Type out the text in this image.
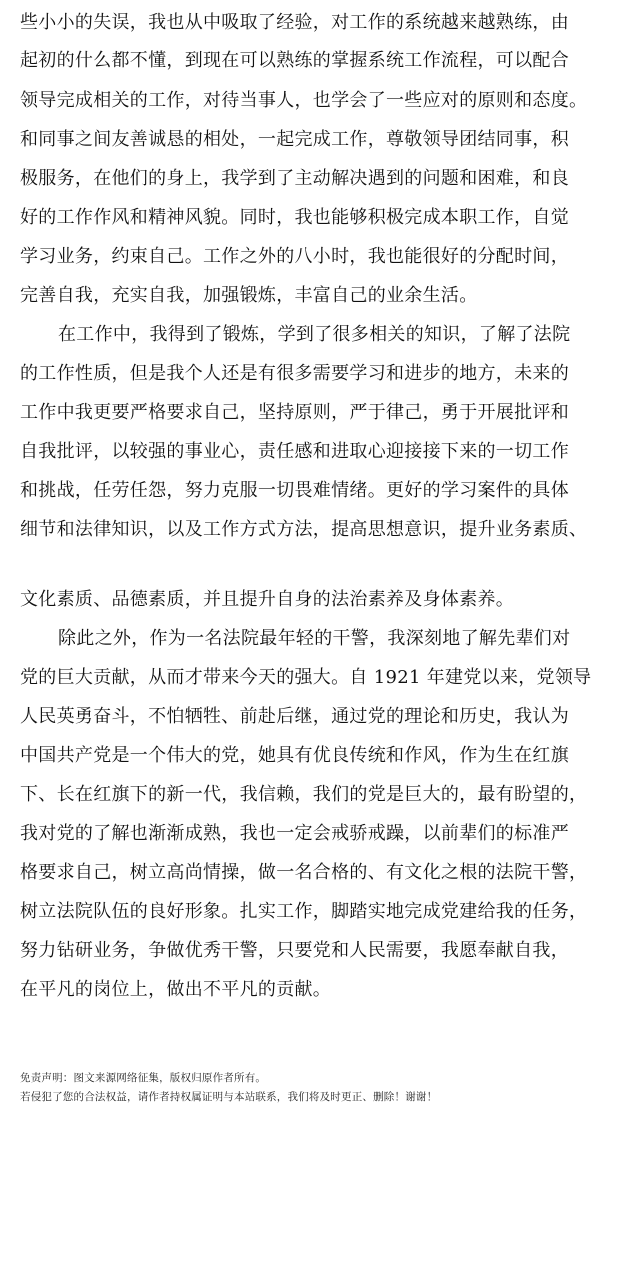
些小小的失误，我也从中吸取了经验，对工作的系统越来越熟练，由
起初的什么都不懂，到现在可以熟练的掌握系统工作流程，可以配合
领导完成相关的工作，对待当事人，也学会了一些应对的原则和态度。
和同事之间友善诚恳的相处，一起完成工作，尊敬领导团结同事，积
极服务，在他们的身上，我学到了主动解决遇到的问题和困难，和良
好的工作作风和精神风貌。同时，我也能够积极完成本职工作，自觉
学习业务，约束自己。工作之外的八小时，我也能很好的分配时间，
完善自我，充实自我，加强锻炼，丰富自己的业余生活。
在工作中，我得到了锻炼，学到了很多相关的知识，了解了法院
的工作性质，但是我个人还是有很多需要学习和进步的地方，未来的
工作中我更要严格要求自己，坚持原则，严于律己，勇于开展批评和
自我批评，以较强的事业心，责任感和进取心迎接接下来的一切工作
和挑战，任劳任怨，努力克服一切畏难情绪。更好的学习案件的具体
细节和法律知识，以及工作方式方法，提高思想意识，提升业务素质、
文化素质、品德素质，并且提升自身的法治素养及身体素养。
除此之外，作为一名法院最年轻的干警，我深刻地了解先辈们对
党的巨大贡献，从而才带来今天的强大。自 1921 年建党以来，党领导
人民英勇奋斗，不怕牺牲、前赴后继，通过党的理论和历史，我认为
中国共产党是一个伟大的党，她具有优良传统和作风，作为生在红旗
下、长在红旗下的新一代，我信赖，我们的党是巨大的，最有盼望的，
我对党的了解也渐渐成熟，我也一定会戒骄戒躁，以前辈们的标准严
格要求自己，树立高尚情操，做一名合格的、有文化之根的法院干警，
树立法院队伍的良好形象。扎实工作，脚踏实地完成党建给我的任务，
努力钻研业务，争做优秀干警，只要党和人民需要，我愿奉献自我，
在平凡的岗位上，做出不平凡的贡献。
免责声明：图文来源网络征集，版权归原作者所有。
若侵犯了您的合法权益，请作者持权属证明与本站联系，我们将及时更正、删除！谢谢！
